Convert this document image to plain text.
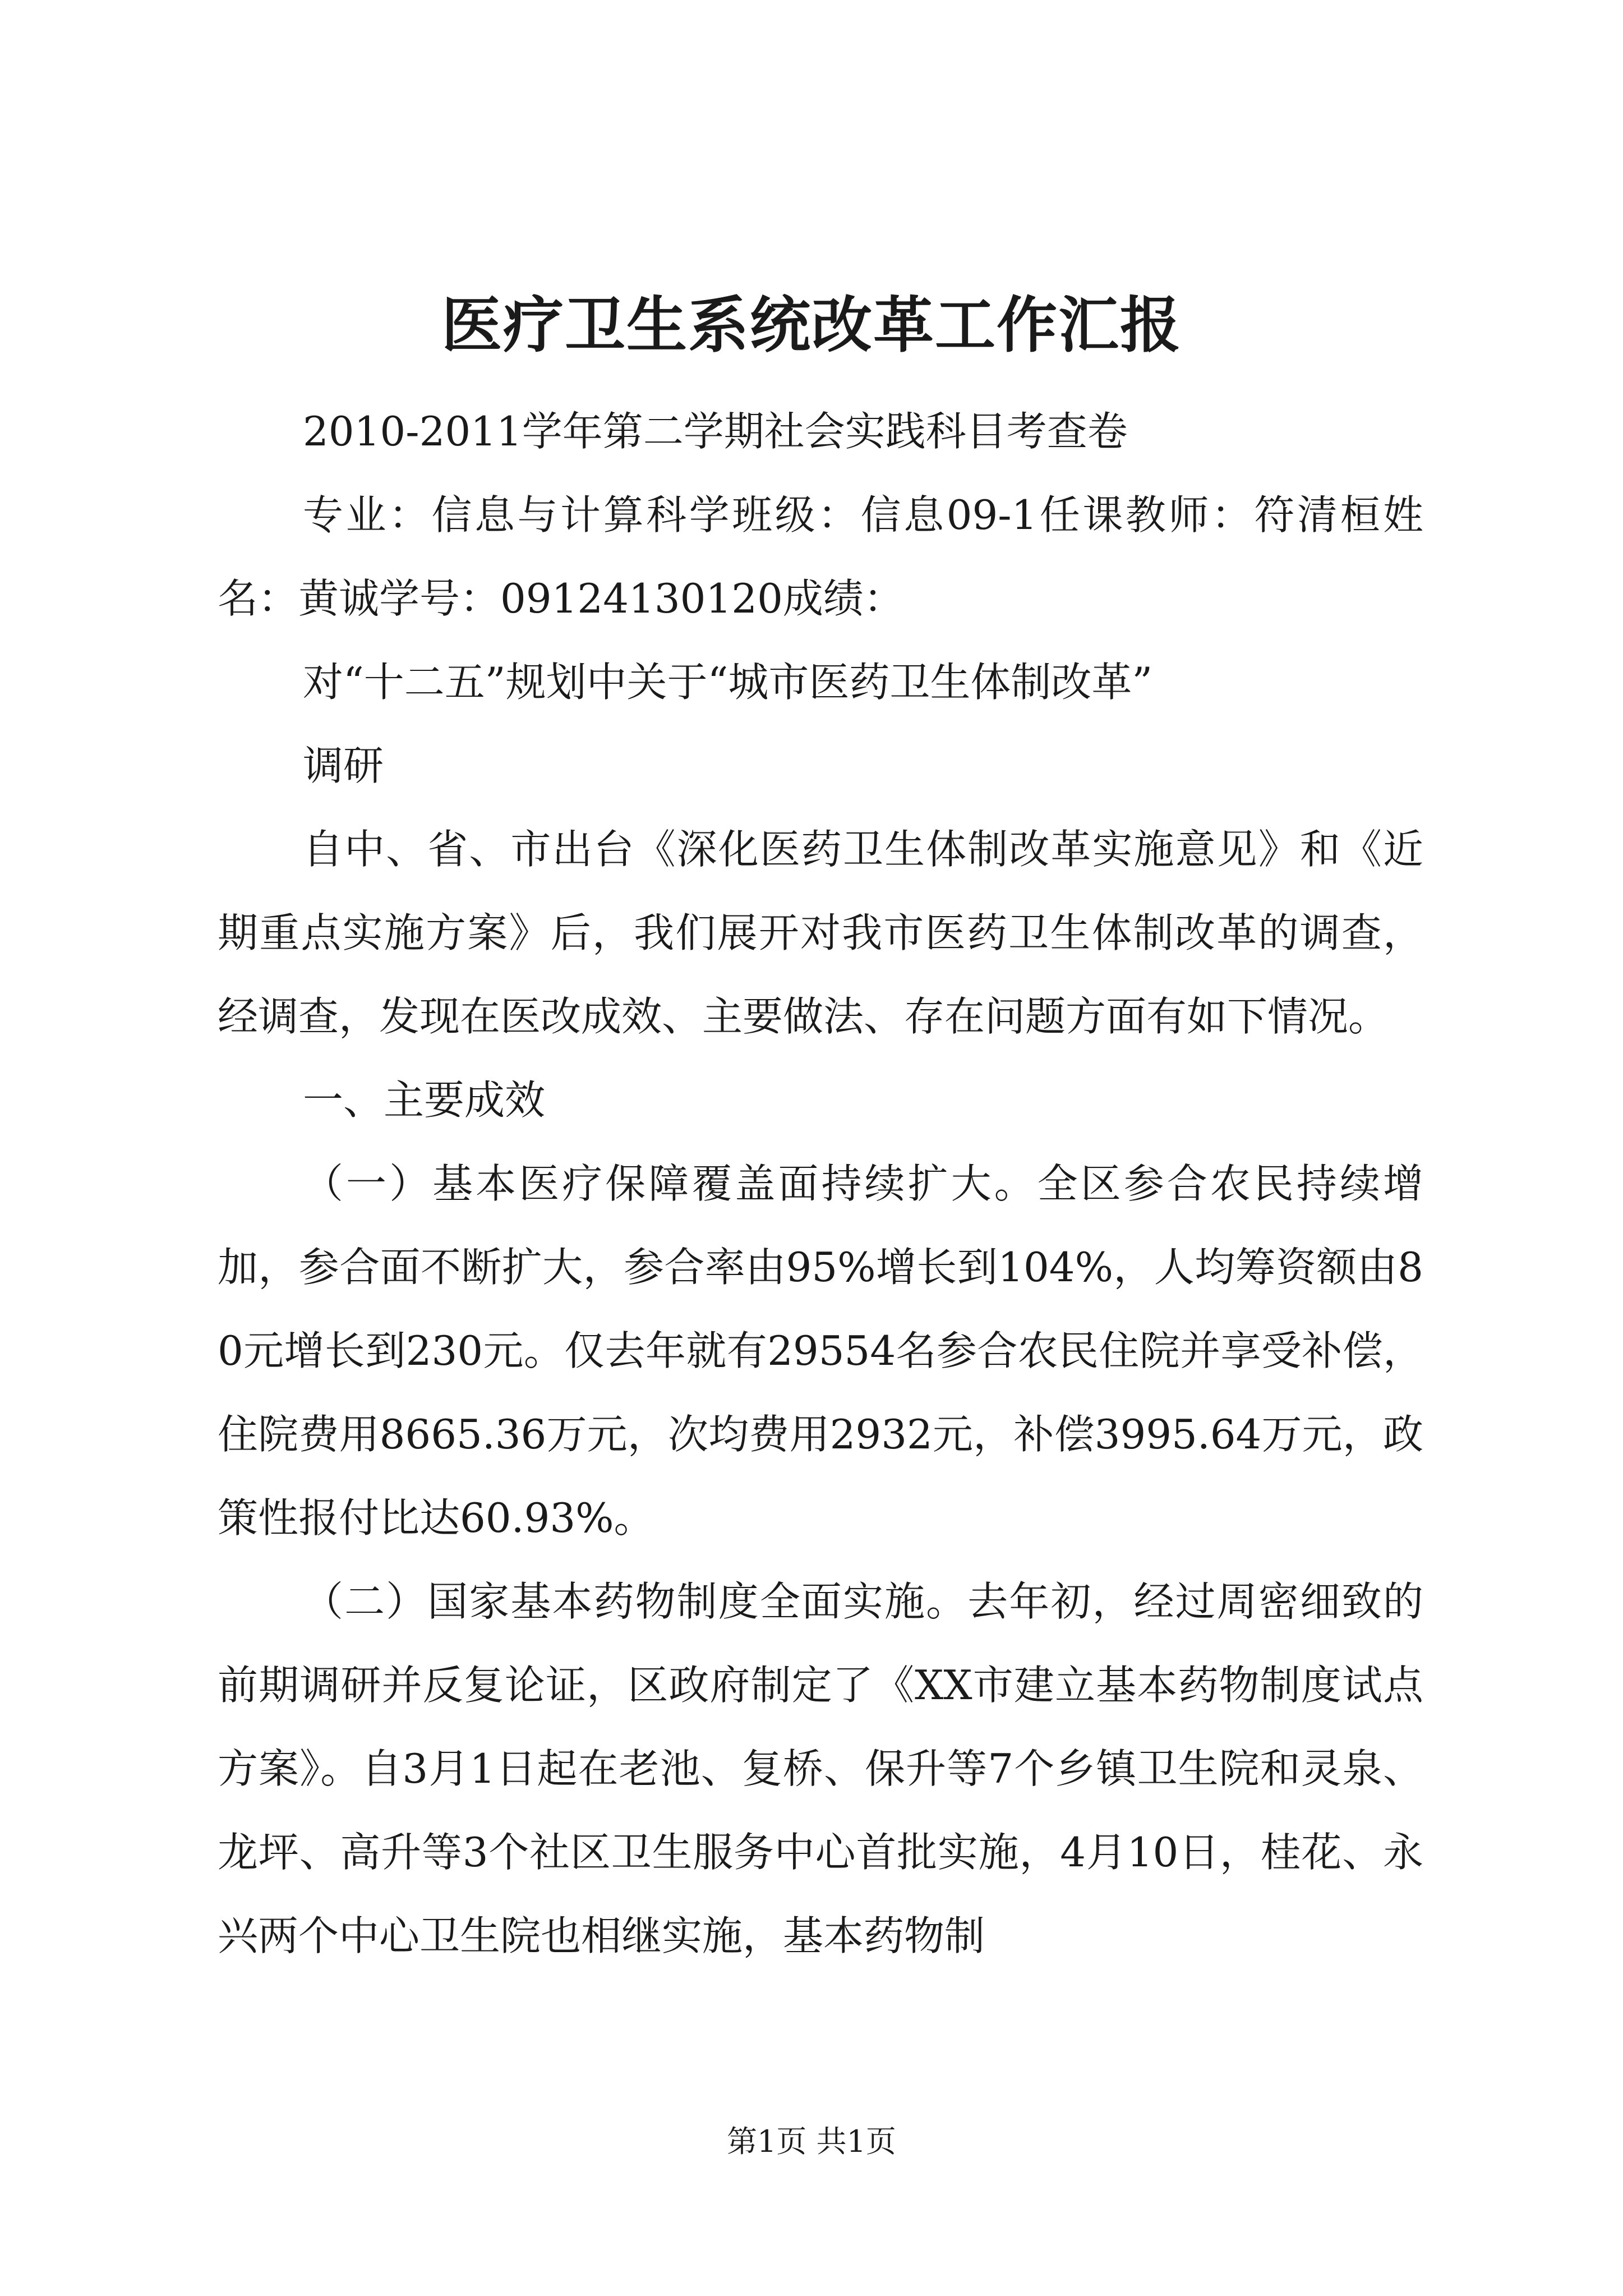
医疗卫生系统改革工作汇报

2010-2011学年第二学期社会实践科目考查卷

专业：信息与计算科学班级：信息09-1任课教师：符清桓姓名：黄诚学号：09124130120成绩：

对“十二五”规划中关于“城市医药卫生体制改革”

调研

自中、省、市出台《深化医药卫生体制改革实施意见》和《近期重点实施方案》后，我们展开对我市医药卫生体制改革的调查，经调查，发现在医改成效、主要做法、存在问题方面有如下情况。

一、主要成效

（一）基本医疗保障覆盖面持续扩大。全区参合农民持续增加，参合面不断扩大，参合率由95%增长到104%，人均筹资额由80元增长到230元。仅去年就有29554名参合农民住院并享受补偿，住院费用8665.36万元，次均费用2932元，补偿3995.64万元，政策性报付比达60.93%。

（二）国家基本药物制度全面实施。去年初，经过周密细致的前期调研并反复论证，区政府制定了《XX市建立基本药物制度试点方案》。自3月1日起在老池、复桥、保升等7个乡镇卫生院和灵泉、龙坪、高升等3个社区卫生服务中心首批实施，4月10日，桂花、永兴两个中心卫生院也相继实施，基本药物制

第1页 共1页
